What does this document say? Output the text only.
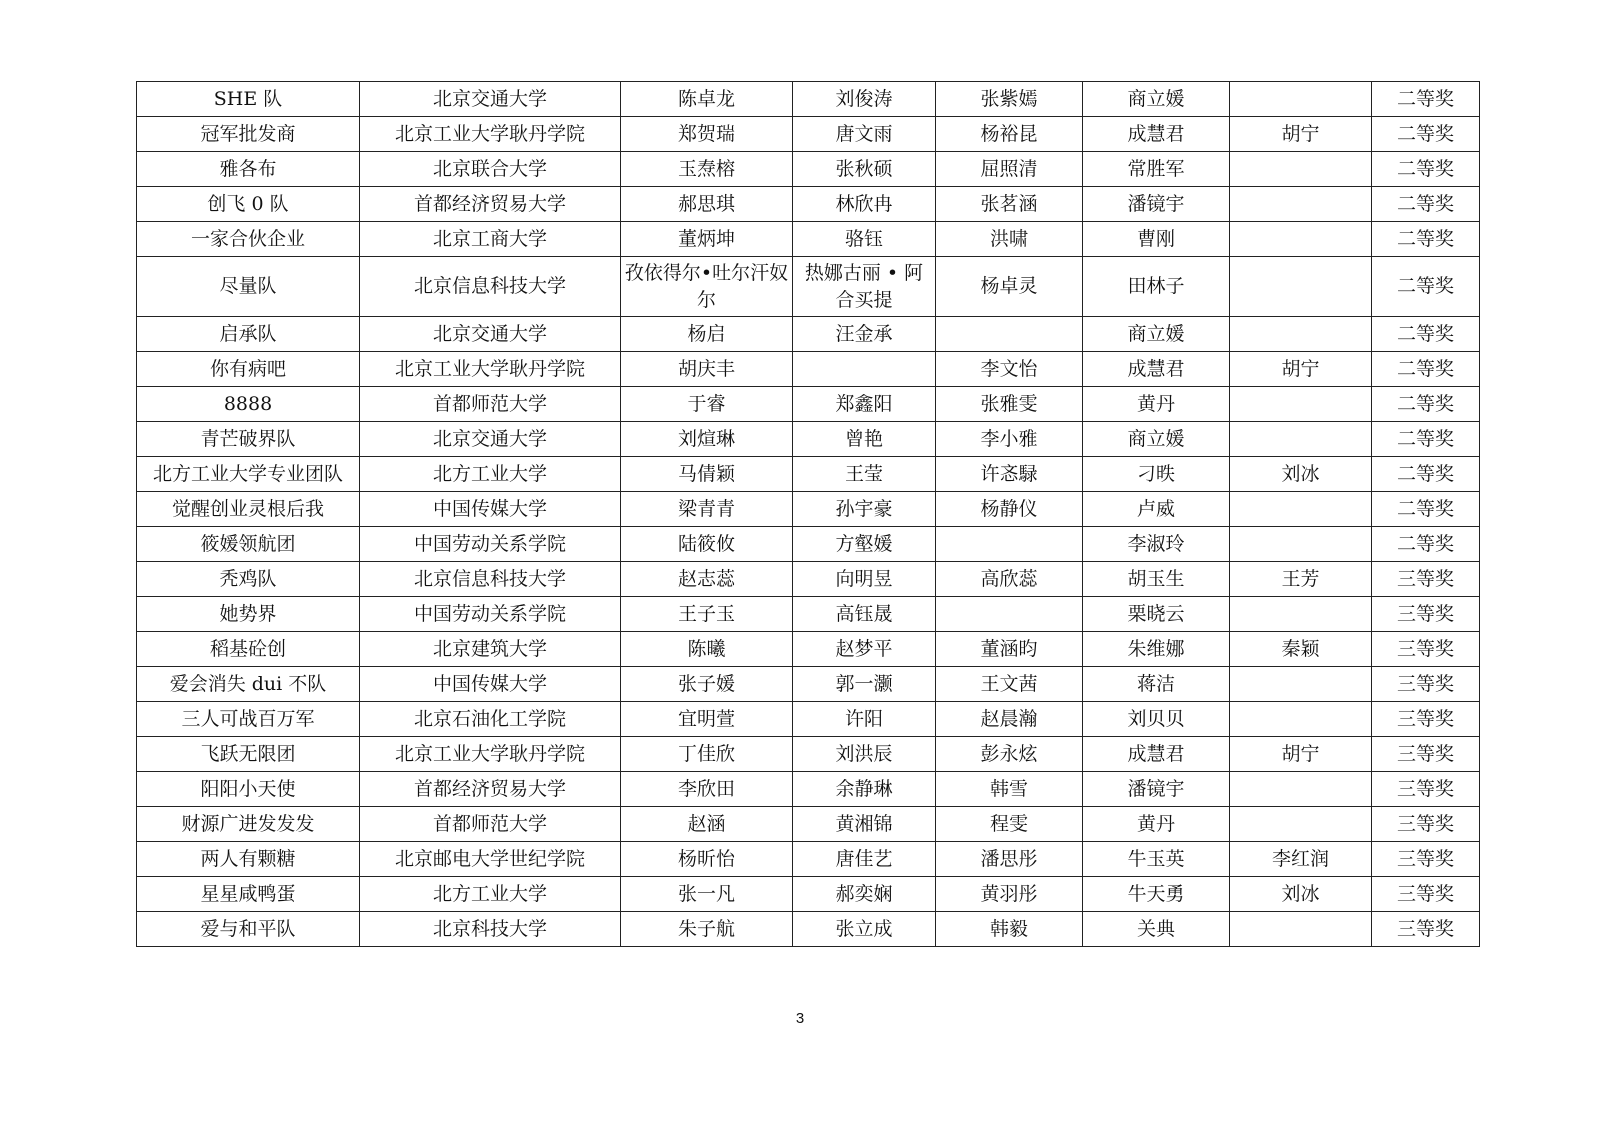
SHE 队	北京交通大学	陈卓龙	刘俊涛	张紫嫣	商立媛		二等奖
冠军批发商	北京工业大学耿丹学院	郑贺瑞	唐文雨	杨裕昆	成慧君	胡宁	二等奖
雅各布	北京联合大学	玉焘榕	张秋硕	屈照清	常胜军		二等奖
创飞 0 队	首都经济贸易大学	郝思琪	林欣冉	张茗涵	潘镜宇		二等奖
一家合伙企业	北京工商大学	董炳坤	骆钰	洪啸	曹刚		二等奖
尽量队	北京信息科技大学	孜依得尔•吐尔汗奴尔	热娜古丽 • 阿合买提	杨卓灵	田林子		二等奖
启承队	北京交通大学	杨启	汪金承		商立媛		二等奖
你有病吧	北京工业大学耿丹学院	胡庆丰		李文怡	成慧君	胡宁	二等奖
8888	首都师范大学	于睿	郑鑫阳	张雅雯	黄丹		二等奖
青芒破界队	北京交通大学	刘煊琳	曾艳	李小雅	商立媛		二等奖
北方工业大学专业团队	北方工业大学	马倩颖	王莹	许忞騄	刁昳	刘冰	二等奖
觉醒创业灵根后我	中国传媒大学	梁青青	孙宇豪	杨静仪	卢威		二等奖
筱媛领航团	中国劳动关系学院	陆筱攸	方壑媛		李淑玲		二等奖
秃鸡队	北京信息科技大学	赵志蕊	向明昱	高欣蕊	胡玉生	王芳	三等奖
她势界	中国劳动关系学院	王子玉	高钰晟		栗晓云		三等奖
稻基砼创	北京建筑大学	陈曦	赵梦平	董涵昀	朱维娜	秦颖	三等奖
爱会消失 dui 不队	中国传媒大学	张子媛	郭一灏	王文茜	蒋洁		三等奖
三人可战百万军	北京石油化工学院	宜明萱	许阳	赵晨瀚	刘贝贝		三等奖
飞跃无限团	北京工业大学耿丹学院	丁佳欣	刘洪辰	彭永炫	成慧君	胡宁	三等奖
阳阳小天使	首都经济贸易大学	李欣田	余静琳	韩雪	潘镜宇		三等奖
财源广进发发发	首都师范大学	赵涵	黄湘锦	程雯	黄丹		三等奖
两人有颗糖	北京邮电大学世纪学院	杨昕怡	唐佳艺	潘思彤	牛玉英	李红润	三等奖
星星咸鸭蛋	北方工业大学	张一凡	郝奕娴	黄羽彤	牛天勇	刘冰	三等奖
爱与和平队	北京科技大学	朱子航	张立成	韩毅	关典		三等奖
3
